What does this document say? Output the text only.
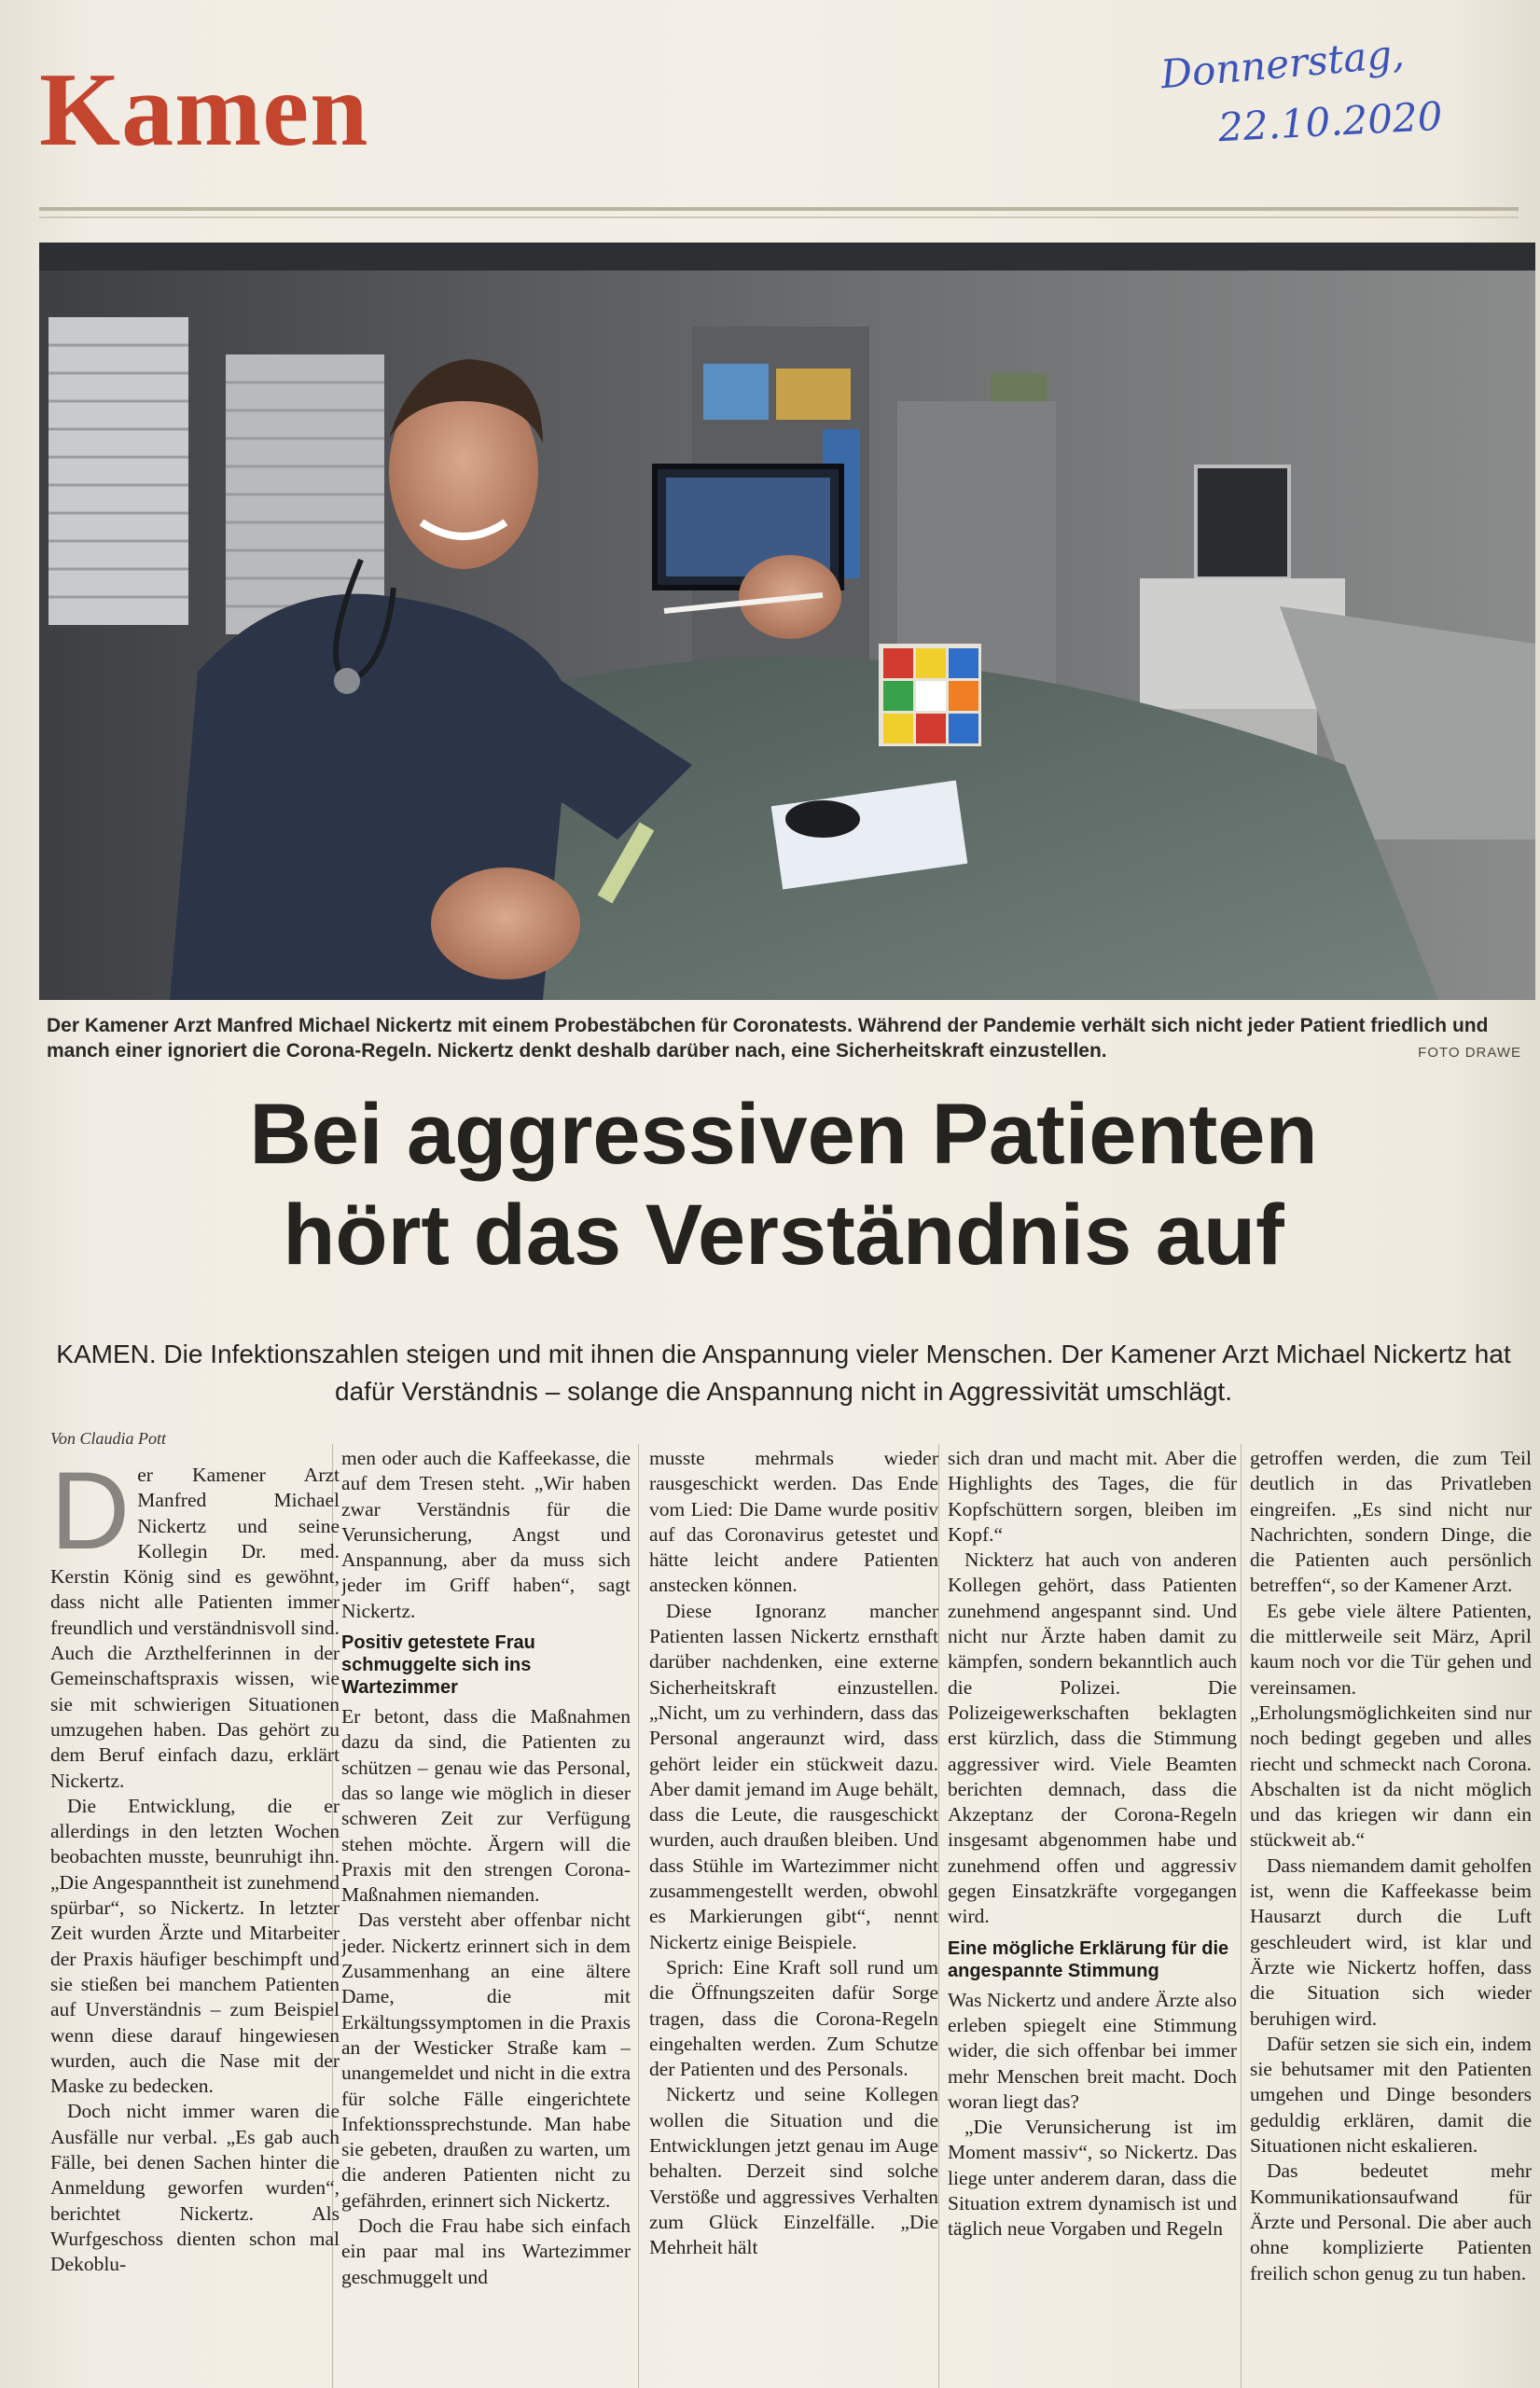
Kamen	Donnerstag,
22.10.2020
Der Kamener Arzt Manfred Michael Nickertz mit einem Probestäbchen für Coronatests. Während der Pandemie verhält sich nicht jeder Patient friedlich und manch einer ignoriert die Corona-Regeln. Nickertz denkt deshalb darüber nach, eine Sicherheitskraft einzustellen.	FOTO DRAWE
Bei aggressiven Patienten
hört das Verständnis auf
KAMEN. Die Infektionszahlen steigen und mit ihnen die Anspannung vieler Menschen. Der Kamener Arzt Michael Nickertz hat dafür Verständnis – solange die Anspannung nicht in Aggressivität umschlägt.
Von Claudia Pott

Der Kamener Arzt Manfred Michael Nickertz und seine Kollegin Dr. med. Kerstin König sind es gewöhnt, dass nicht alle Patienten immer freundlich und verständnisvoll sind. Auch die Arzthelferinnen in der Gemeinschaftspraxis wissen, wie sie mit schwierigen Situationen umzugehen haben. Das gehört zu dem Beruf einfach dazu, erklärt Nickertz.

Die Entwicklung, die er allerdings in den letzten Wochen beobachten musste, beunruhigt ihn. „Die Angespanntheit ist zunehmend spürbar“, so Nickertz. In letzter Zeit wurden Ärzte und Mitarbeiter der Praxis häufiger beschimpft und sie stießen bei manchem Patienten auf Unverständnis – zum Beispiel wenn diese darauf hingewiesen wurden, auch die Nase mit der Maske zu bedecken.

Doch nicht immer waren die Ausfälle nur verbal. „Es gab auch Fälle, bei denen Sachen hinter die Anmeldung geworfen wurden“, berichtet Nickertz. Als Wurfgeschoss dienten schon mal Dekoblu-

men oder auch die Kaffeekasse, die auf dem Tresen steht. „Wir haben zwar Verständnis für die Verunsicherung, Angst und Anspannung, aber da muss sich jeder im Griff haben“, sagt Nickertz.

Positiv getestete Frau schmuggelte sich ins Wartezimmer

Er betont, dass die Maßnahmen dazu da sind, die Patienten zu schützen – genau wie das Personal, das so lange wie möglich in dieser schweren Zeit zur Verfügung stehen möchte. Ärgern will die Praxis mit den strengen Corona-Maßnahmen niemanden.

Das versteht aber offenbar nicht jeder. Nickertz erinnert sich in dem Zusammenhang an eine ältere Dame, die mit Erkältungssymptomen in die Praxis an der Westicker Straße kam – unangemeldet und nicht in die extra für solche Fälle eingerichtete Infektionssprechstunde. Man habe sie gebeten, draußen zu warten, um die anderen Patienten nicht zu gefährden, erinnert sich Nickertz.

Doch die Frau habe sich einfach ein paar mal ins Wartezimmer geschmuggelt und

musste mehrmals wieder rausgeschickt werden. Das Ende vom Lied: Die Dame wurde positiv auf das Coronavirus getestet und hätte leicht andere Patienten anstecken können.

Diese Ignoranz mancher Patienten lassen Nickertz ernsthaft darüber nachdenken, eine externe Sicherheitskraft einzustellen. „Nicht, um zu verhindern, dass das Personal angeraunzt wird, dass gehört leider ein stückweit dazu. Aber damit jemand im Auge behält, dass die Leute, die rausgeschickt wurden, auch draußen bleiben. Und dass Stühle im Wartezimmer nicht zusammengestellt werden, obwohl es Markierungen gibt“, nennt Nickertz einige Beispiele.

Sprich: Eine Kraft soll rund um die Öffnungszeiten dafür Sorge tragen, dass die Corona-Regeln eingehalten werden. Zum Schutze der Patienten und des Personals.

Nickertz und seine Kollegen wollen die Situation und die Entwicklungen jetzt genau im Auge behalten. Derzeit sind solche Verstöße und aggressives Verhalten zum Glück Einzelfälle. „Die Mehrheit hält

sich dran und macht mit. Aber die Highlights des Tages, die für Kopfschüttern sorgen, bleiben im Kopf.“

Nickterz hat auch von anderen Kollegen gehört, dass Patienten zunehmend angespannt sind. Und nicht nur Ärzte haben damit zu kämpfen, sondern bekanntlich auch die Polizei. Die Polizeigewerkschaften beklagten erst kürzlich, dass die Stimmung aggressiver wird. Viele Beamten berichten demnach, dass die Akzeptanz der Corona-Regeln insgesamt abgenommen habe und zunehmend offen und aggressiv gegen Einsatzkräfte vorgegangen wird.

Eine mögliche Erklärung für die angespannte Stimmung

Was Nickertz und andere Ärzte also erleben spiegelt eine Stimmung wider, die sich offenbar bei immer mehr Menschen breit macht. Doch woran liegt das?

„Die Verunsicherung ist im Moment massiv“, so Nickertz. Das liege unter anderem daran, dass die Situation extrem dynamisch ist und täglich neue Vorgaben und Regeln

getroffen werden, die zum Teil deutlich in das Privatleben eingreifen. „Es sind nicht nur Nachrichten, sondern Dinge, die die Patienten auch persönlich betreffen“, so der Kamener Arzt.

Es gebe viele ältere Patienten, die mittlerweile seit März, April kaum noch vor die Tür gehen und vereinsamen. „Erholungsmöglichkeiten sind nur noch bedingt gegeben und alles riecht und schmeckt nach Corona. Abschalten ist da nicht möglich und das kriegen wir dann ein stückweit ab.“

Dass niemandem damit geholfen ist, wenn die Kaffeekasse beim Hausarzt durch die Luft geschleudert wird, ist klar und Ärzte wie Nickertz hoffen, dass die Situation sich wieder beruhigen wird.

Dafür setzen sie sich ein, indem sie behutsamer mit den Patienten umgehen und Dinge besonders geduldig erklären, damit die Situationen nicht eskalieren.

Das bedeutet mehr Kommunikationsaufwand für Ärzte und Personal. Die aber auch ohne komplizierte Patienten freilich schon genug zu tun haben.
